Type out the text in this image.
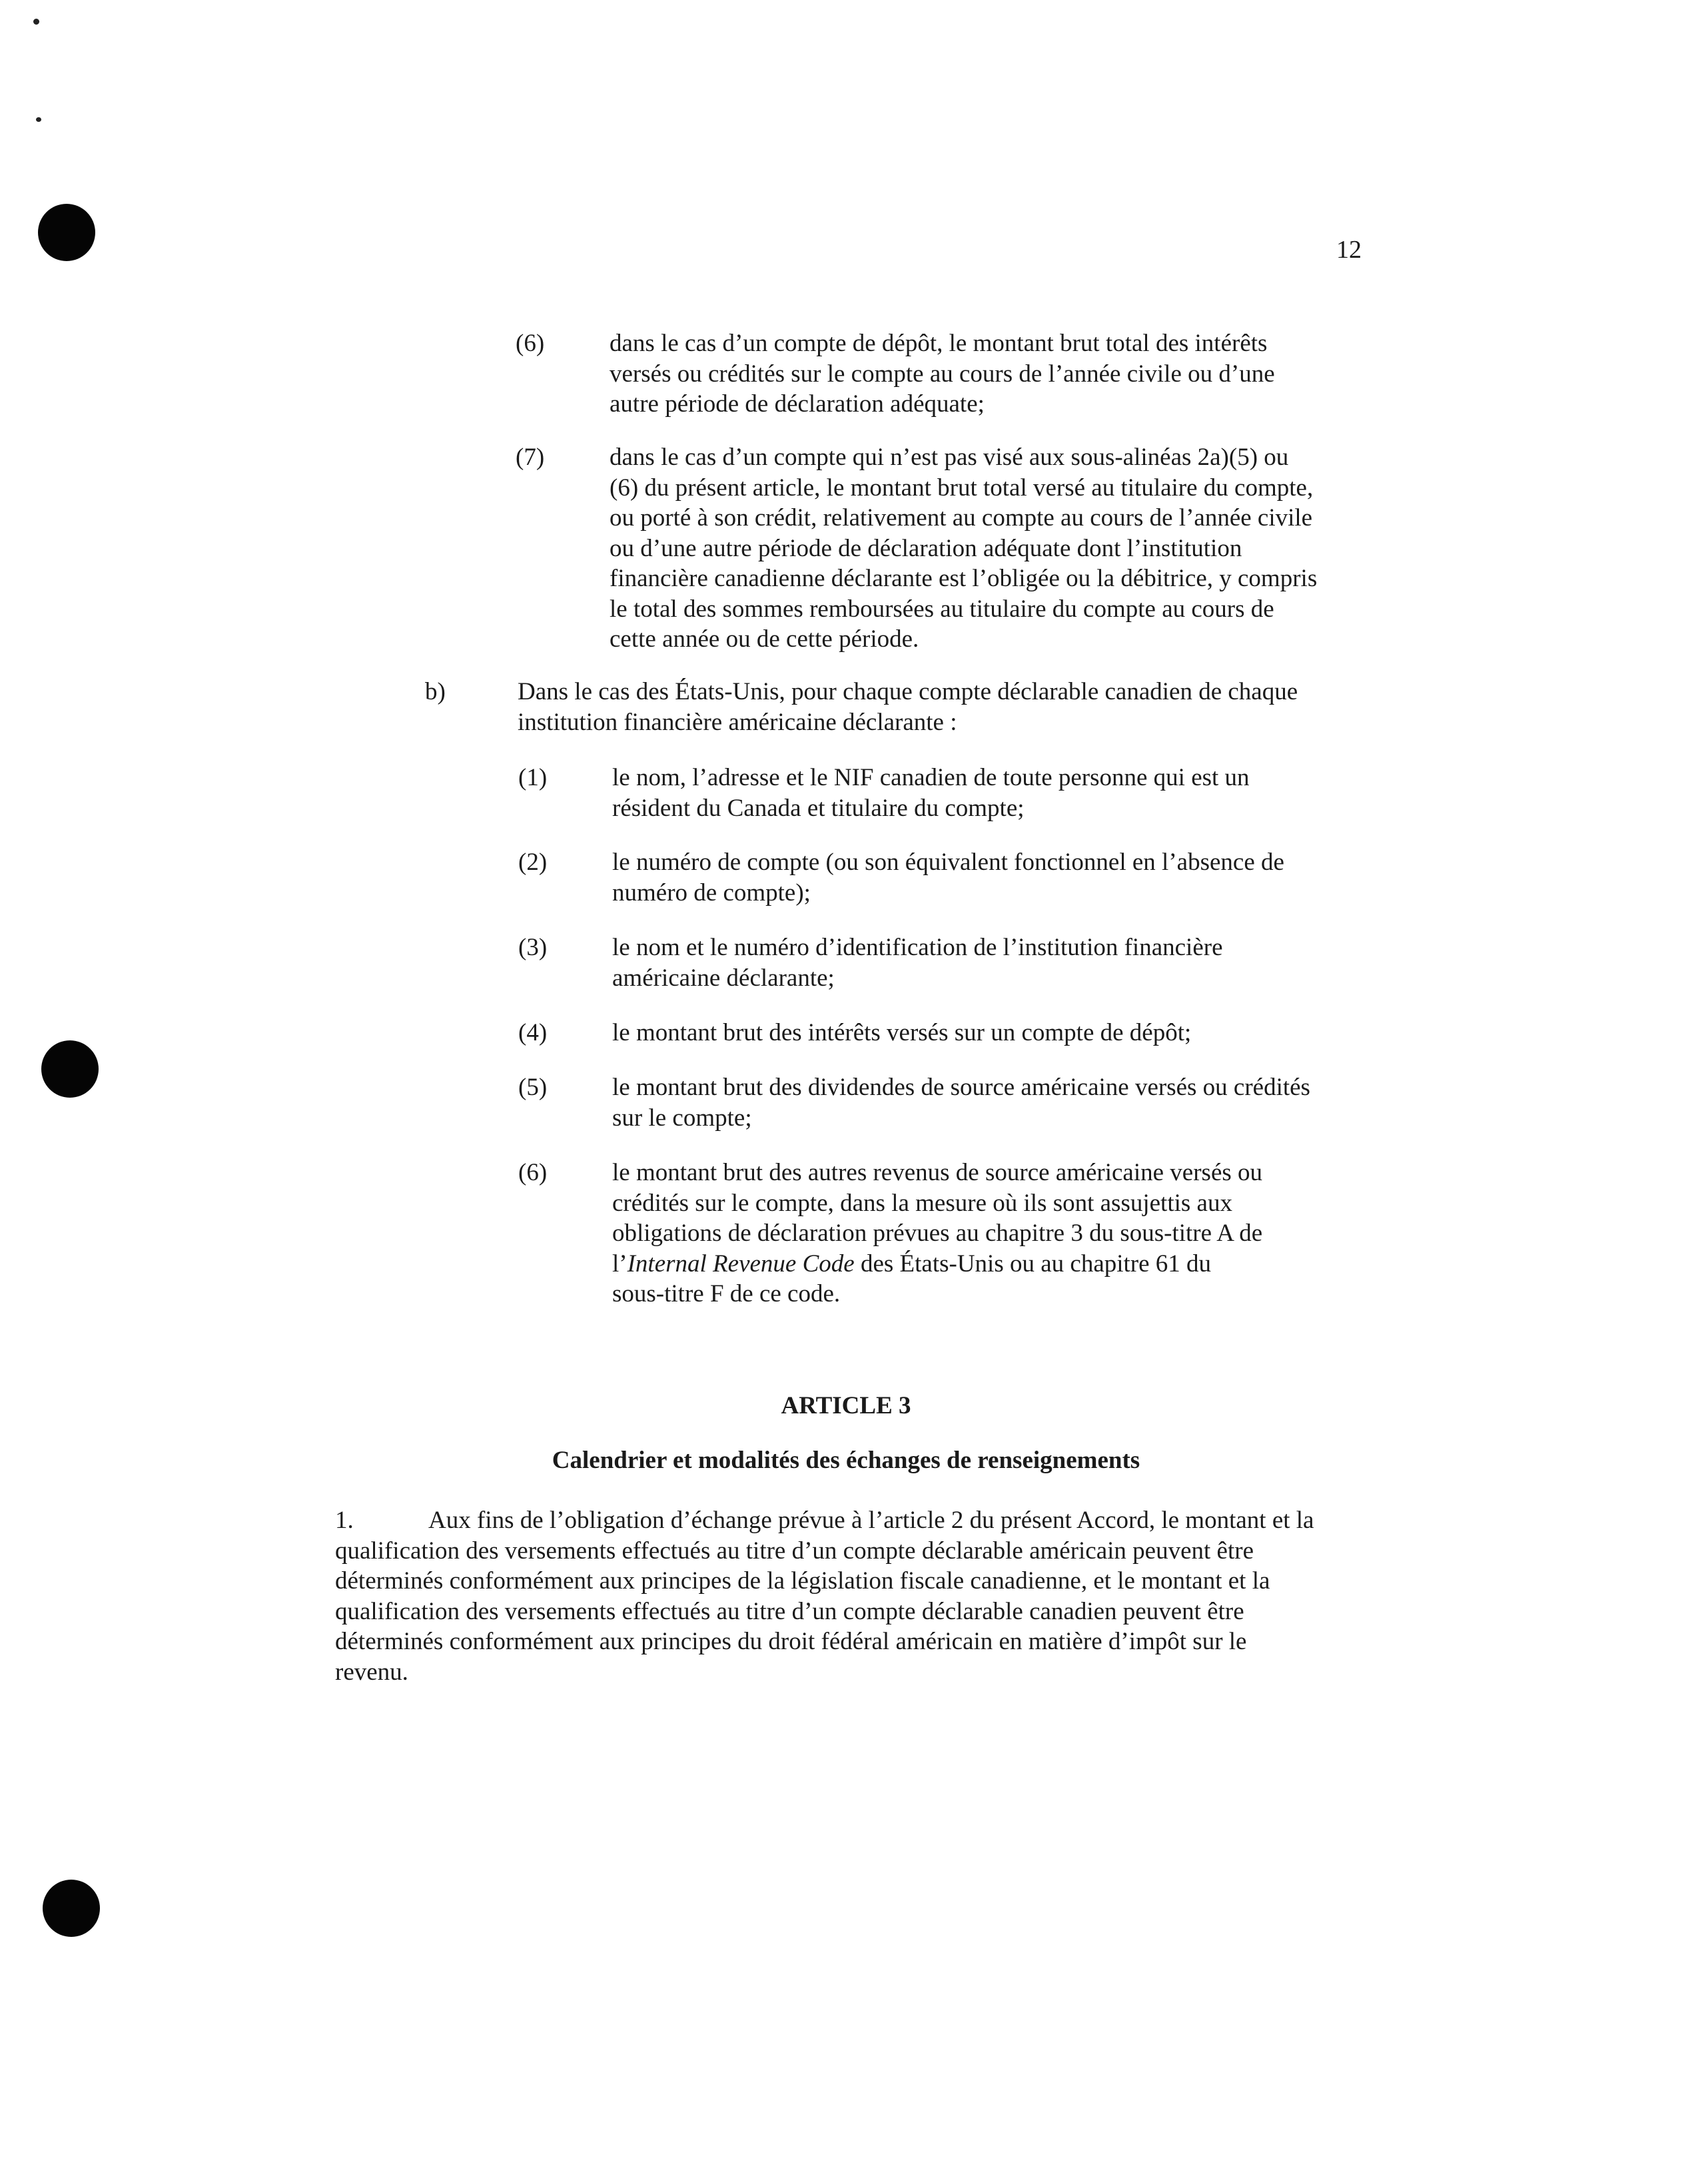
12
(6)	dans le cas d’un compte de dépôt, le montant brut total des intérêts
versés ou crédités sur le compte au cours de l’année civile ou d’une
autre période de déclaration adéquate;
(7)	dans le cas d’un compte qui n’est pas visé aux sous-alinéas 2a)(5) ou
(6) du présent article, le montant brut total versé au titulaire du compte,
ou porté à son crédit, relativement au compte au cours de l’année civile
ou d’une autre période de déclaration adéquate dont l’institution
financière canadienne déclarante est l’obligée ou la débitrice, y compris
le total des sommes remboursées au titulaire du compte au cours de
cette année ou de cette période.
b)	Dans le cas des États-Unis, pour chaque compte déclarable canadien de chaque
institution financière américaine déclarante :
(1)	le nom, l’adresse et le NIF canadien de toute personne qui est un
résident du Canada et titulaire du compte;
(2)	le numéro de compte (ou son équivalent fonctionnel en l’absence de
numéro de compte);
(3)	le nom et le numéro d’identification de l’institution financière
américaine déclarante;
(4)	le montant brut des intérêts versés sur un compte de dépôt;
(5)	le montant brut des dividendes de source américaine versés ou crédités
sur le compte;
(6)	le montant brut des autres revenus de source américaine versés ou
crédités sur le compte, dans la mesure où ils sont assujettis aux
obligations de déclaration prévues au chapitre 3 du sous-titre A de
l’Internal Revenue Code des États-Unis ou au chapitre 61 du
sous-titre F de ce code.
ARTICLE 3
Calendrier et modalités des échanges de renseignements
1.	Aux fins de l’obligation d’échange prévue à l’article 2 du présent Accord, le montant et la
qualification des versements effectués au titre d’un compte déclarable américain peuvent être
déterminés conformément aux principes de la législation fiscale canadienne, et le montant et la
qualification des versements effectués au titre d’un compte déclarable canadien peuvent être
déterminés conformément aux principes du droit fédéral américain en matière d’impôt sur le
revenu.
